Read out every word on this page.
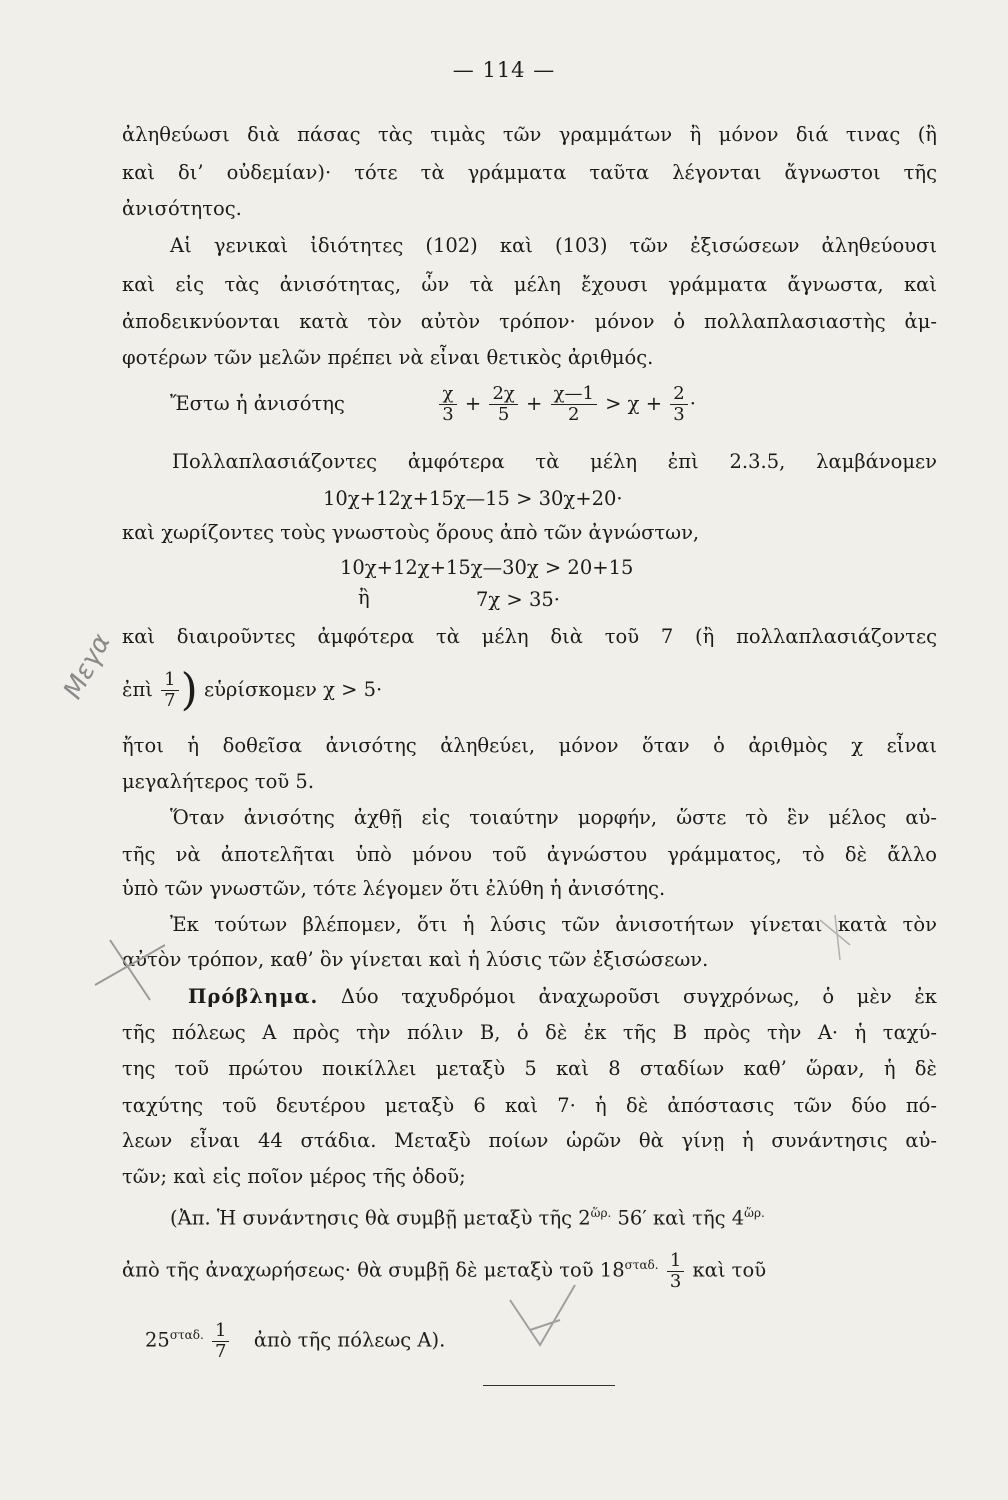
— 114 —
ἀληθεύωσι διὰ πάσας τὰς τιμὰς τῶν γραμμάτων ἢ μόνον διά τινας (ἢ
καὶ δι’ οὐδεμίαν)· τότε τὰ γράμματα ταῦτα λέγονται ἄγνωστοι τῆς
ἀνισότητος.
Αἱ γενικαὶ ἰδιότητες (102) καὶ (103) τῶν ἐξισώσεων ἀληθεύουσι
καὶ εἰς τὰς ἀνισότητας, ὧν τὰ μέλη ἔχουσι γράμματα ἄγνωστα, καὶ
ἀποδεικνύονται κατὰ τὸν αὐτὸν τρόπον· μόνον ὁ πολλαπλασιαστὴς ἀμ-
φοτέρων τῶν μελῶν πρέπει νὰ εἶναι θετικὸς ἀριθμός.
Ἔστω ἡ ἀνισότης	$\frac{\chi}{3} + \frac{2\chi}{5} + \frac{\chi—1}{2} > \chi + \frac{2}{3}$ ·
Πολλαπλασιάζοντες ἀμφότερα τὰ μέλη ἐπὶ 2.3.5, λαμβάνομεν
10χ+12χ+15χ—15 > 30χ+20·
καὶ χωρίζοντες τοὺς γνωστοὺς ὅρους ἀπὸ τῶν ἀγνώστων,
10χ+12χ+15χ—30χ > 20+15
ἢ	7χ > 35·
καὶ διαιροῦντες ἀμφότερα τὰ μέλη διὰ τοῦ 7 (ἢ πολλαπλασιάζοντες
ἐπὶ $\frac{1}{7}$ ) εὑρίσκομεν χ > 5·
ἤτοι ἡ δοθεῖσα ἀνισότης ἀληθεύει, μόνον ὅταν ὁ ἀριθμὸς χ εἶναι
μεγαλήτερος τοῦ 5.
Ὅταν ἀνισότης ἀχθῇ εἰς τοιαύτην μορφήν, ὥστε τὸ ἓν μέλος αὐ-
τῆς νὰ ἀποτελῆται ὑπὸ μόνου τοῦ ἀγνώστου γράμματος, τὸ δὲ ἄλλο
ὑπὸ τῶν γνωστῶν, τότε λέγομεν ὅτι ἐλύθη ἡ ἀνισότης.
Ἐκ τούτων βλέπομεν, ὅτι ἡ λύσις τῶν ἀνισοτήτων γίνεται κατὰ τὸν
αὐτὸν τρόπον, καθ’ ὃν γίνεται καὶ ἡ λύσις τῶν ἐξισώσεων.
Πρόβλημα. Δύο ταχυδρόμοι ἀναχωροῦσι συγχρόνως, ὁ μὲν ἐκ
τῆς πόλεως Α πρὸς τὴν πόλιν Β, ὁ δὲ ἐκ τῆς Β πρὸς τὴν Α· ἡ ταχύ-
της τοῦ πρώτου ποικίλλει μεταξὺ 5 καὶ 8 σταδίων καθ’ ὥραν, ἡ δὲ
ταχύτης τοῦ δευτέρου μεταξὺ 6 καὶ 7· ἡ δὲ ἀπόστασις τῶν δύο πό-
λεων εἶναι 44 στάδια. Μεταξὺ ποίων ὡρῶν θὰ γίνῃ ἡ συνάντησις αὐ-
τῶν; καὶ εἰς ποῖον μέρος τῆς ὁδοῦ;
(Ἀπ. Ἡ συνάντησις θὰ συμβῇ μεταξὺ τῆς $2^{ὥ\rho.}$ 56′ καὶ τῆς $4^{ὥ\rho.}$
ἀπὸ τῆς ἀναχωρήσεως· θὰ συμβῇ δὲ μεταξὺ τοῦ $18^{\sigma\tau\alpha\delta.} \frac{1}{3}$ καὶ τοῦ
$25^{\sigma\tau\alpha\delta.} \frac{1}{7}$ ἀπὸ τῆς πόλεως Α).
Μεγα
